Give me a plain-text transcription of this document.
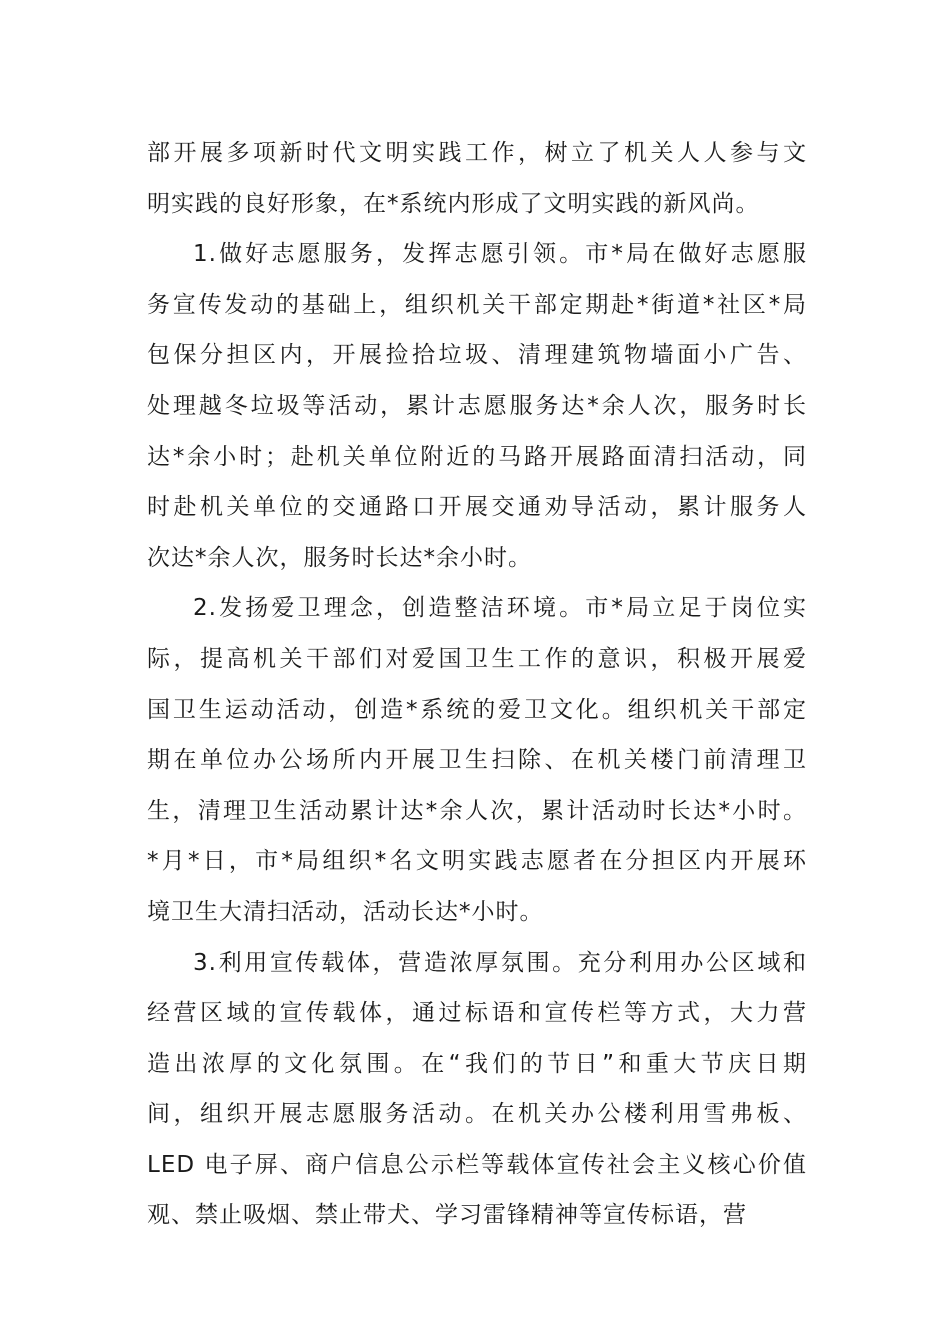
部开展多项新时代文明实践工作，树立了机关人人参与文
明实践的良好形象，在*系统内形成了文明实践的新风尚。
1.做好志愿服务，发挥志愿引领。市*局在做好志愿服
务宣传发动的基础上，组织机关干部定期赴*街道*社区*局
包保分担区内，开展捡拾垃圾、清理建筑物墙面小广告、
处理越冬垃圾等活动，累计志愿服务达*余人次，服务时长
达*余小时；赴机关单位附近的马路开展路面清扫活动，同
时赴机关单位的交通路口开展交通劝导活动，累计服务人
次达*余人次，服务时长达*余小时。
2.发扬爱卫理念，创造整洁环境。市*局立足于岗位实
际，提高机关干部们对爱国卫生工作的意识，积极开展爱
国卫生运动活动，创造*系统的爱卫文化。组织机关干部定
期在单位办公场所内开展卫生扫除、在机关楼门前清理卫
生，清理卫生活动累计达*余人次，累计活动时长达*小时。
*月*日，市*局组织*名文明实践志愿者在分担区内开展环
境卫生大清扫活动，活动长达*小时。
3.利用宣传载体，营造浓厚氛围。充分利用办公区域和
经营区域的宣传载体，通过标语和宣传栏等方式，大力营
造出浓厚的文化氛围。在“我们的节日”和重大节庆日期
间，组织开展志愿服务活动。在机关办公楼利用雪弗板、
LED 电子屏、商户信息公示栏等载体宣传社会主义核心价值
观、禁止吸烟、禁止带犬、学习雷锋精神等宣传标语，营
